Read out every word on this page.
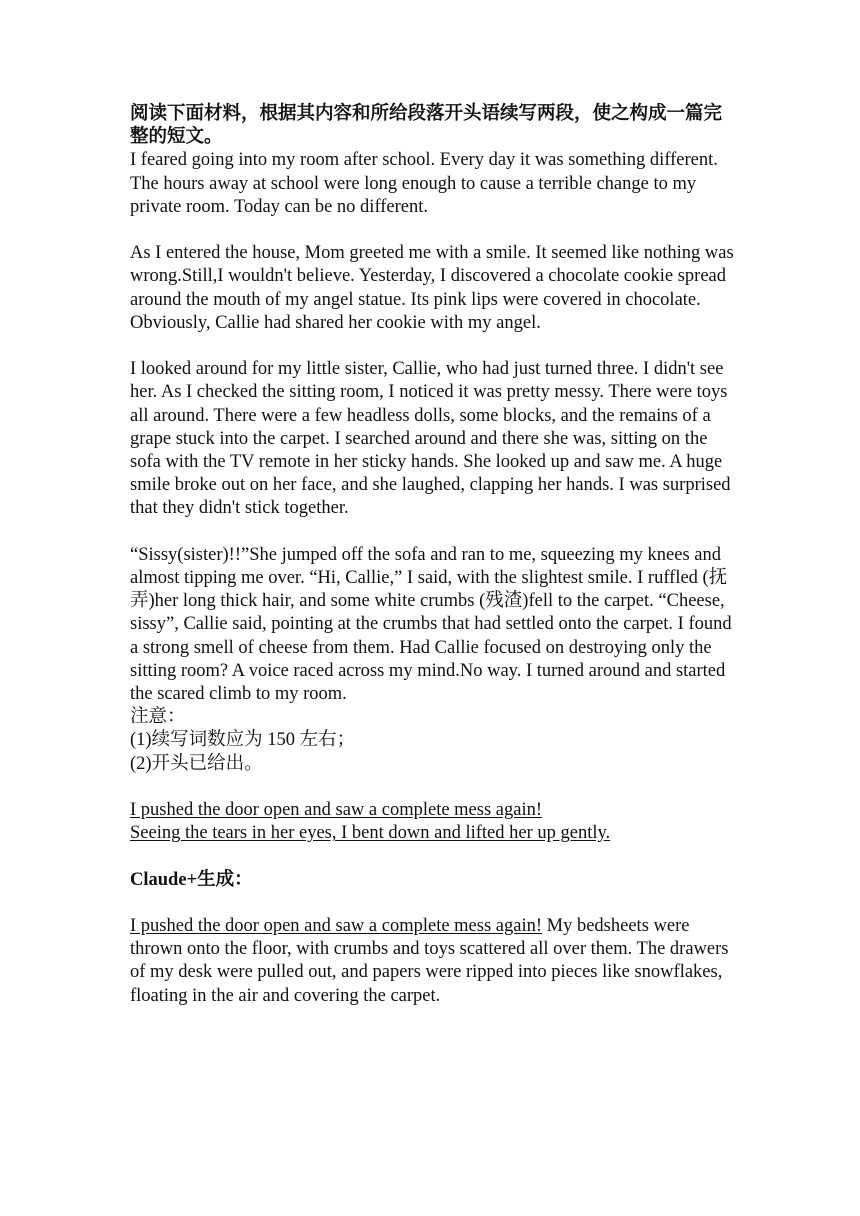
阅读下面材料，根据其内容和所给段落开头语续写两段，使之构成一篇完整的短文。

I feared going into my room after school. Every day it was something different. The hours away at school were long enough to cause a terrible change to my private room. Today can be no different.

As I entered the house, Mom greeted me with a smile. It seemed like nothing was wrong.Still,I wouldn't believe. Yesterday, I discovered a chocolate cookie spread around the mouth of my angel statue. Its pink lips were covered in chocolate. Obviously, Callie had shared her cookie with my angel.

I looked around for my little sister, Callie, who had just turned three. I didn't see her. As I checked the sitting room, I noticed it was pretty messy. There were toys all around. There were a few headless dolls, some blocks, and the remains of a grape stuck into the carpet. I searched around and there she was, sitting on the sofa with the TV remote in her sticky hands. She looked up and saw me. A huge smile broke out on her face, and she laughed, clapping her hands. I was surprised that they didn't stick together.

“Sissy(sister)!!”She jumped off the sofa and ran to me, squeezing my knees and almost tipping me over. “Hi, Callie,” I said, with the slightest smile. I ruffled (抚弄)her long thick hair, and some white crumbs (残渣)fell to the carpet. “Cheese, sissy”, Callie said, pointing at the crumbs that had settled onto the carpet. I found a strong smell of cheese from them. Had Callie focused on destroying only the sitting room? A voice raced across my mind.No way. I turned around and started the scared climb to my room.

注意：

(1)续写词数应为 150 左右；

(2)开头已给出。

I pushed the door open and saw a complete mess again!

Seeing the tears in her eyes, I bent down and lifted her up gently.

Claude+生成：

I pushed the door open and saw a complete mess again! My bedsheets were thrown onto the floor, with crumbs and toys scattered all over them. The drawers of my desk were pulled out, and papers were ripped into pieces like snowflakes, floating in the air and covering the carpet.
